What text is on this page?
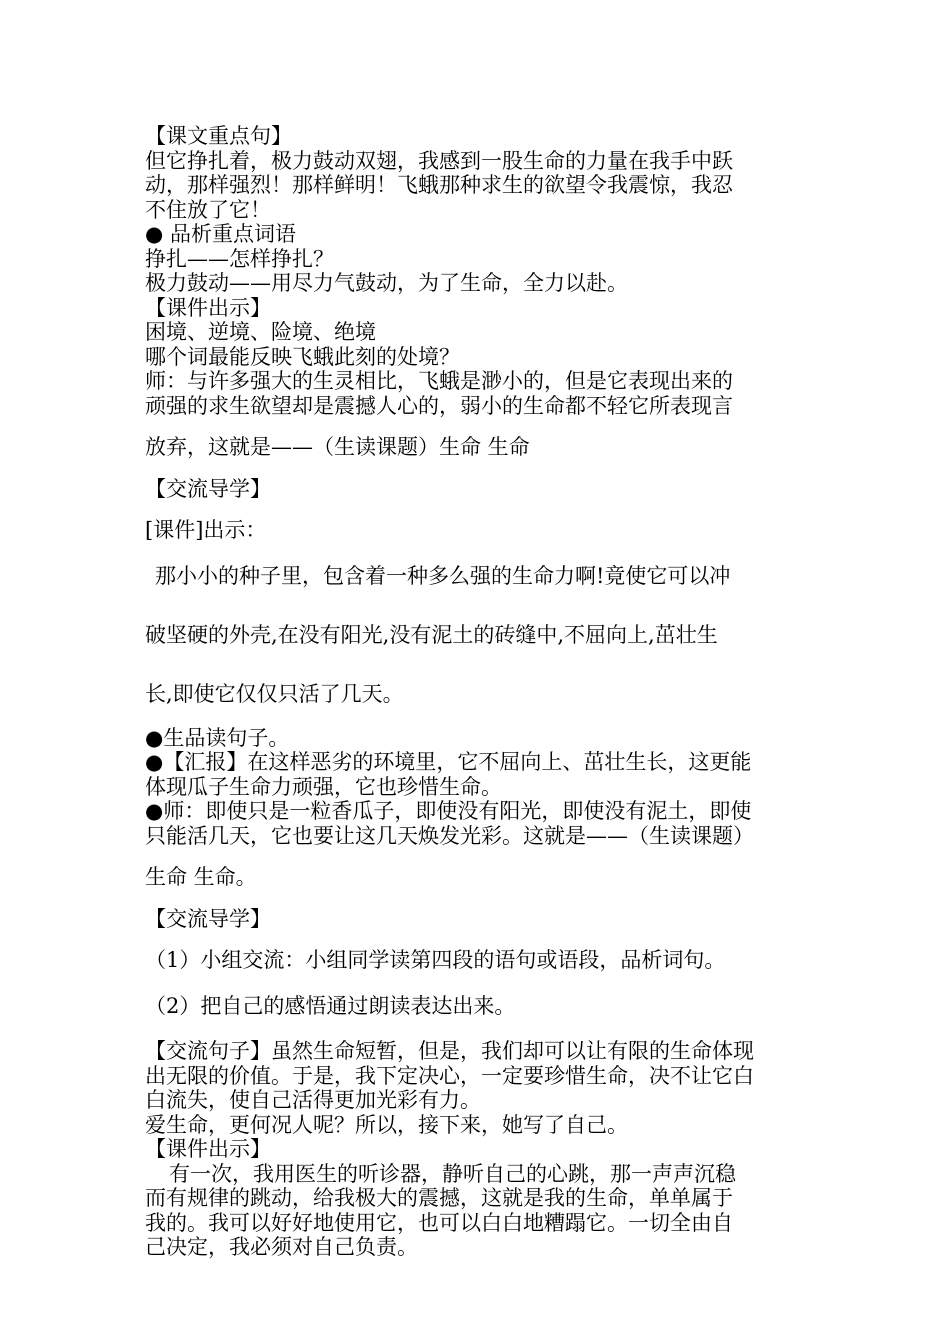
【课文重点句】

但它挣扎着，极力鼓动双翅，我感到一股生命的力量在我手中跃

动，那样强烈！那样鲜明！飞蛾那种求生的欲望令我震惊，我忍

不住放了它！

● 品析重点词语

挣扎——怎样挣扎？

极力鼓动——用尽力气鼓动，为了生命，全力以赴。

【课件出示】

困境、逆境、险境、绝境

哪个词最能反映飞蛾此刻的处境？

师：与许多强大的生灵相比，飞蛾是渺小的，但是它表现出来的

顽强的求生欲望却是震撼人心的，弱小的生命都不轻它所表现言

放弃，这就是——（生读课题）生命 生命

【交流导学】

[课件]出示：

那小小的种子里，包含着一种多么强的生命力啊!竟使它可以冲

破坚硬的外壳,在没有阳光,没有泥土的砖缝中,不屈向上,茁壮生

长,即使它仅仅只活了几天。

●生品读句子。

●【汇报】在这样恶劣的环境里，它不屈向上、茁壮生长，这更能

体现瓜子生命力顽强，它也珍惜生命。

●师：即使只是一粒香瓜子，即使没有阳光，即使没有泥土，即使

只能活几天，它也要让这几天焕发光彩。这就是——（生读课题）

生命 生命。

【交流导学】

（1）小组交流：小组同学读第四段的语句或语段，品析词句。

（2）把自己的感悟通过朗读表达出来。

【交流句子】虽然生命短暂，但是，我们却可以让有限的生命体现

出无限的价值。于是，我下定决心，一定要珍惜生命，决不让它白

白流失，使自己活得更加光彩有力。

爱生命，更何况人呢？所以，接下来，她写了自己。

【课件出示】

有一次，我用医生的听诊器，静听自己的心跳，那一声声沉稳

而有规律的跳动，给我极大的震撼，这就是我的生命，单单属于

我的。我可以好好地使用它，也可以白白地糟蹋它。一切全由自

己决定，我必须对自己负责。
